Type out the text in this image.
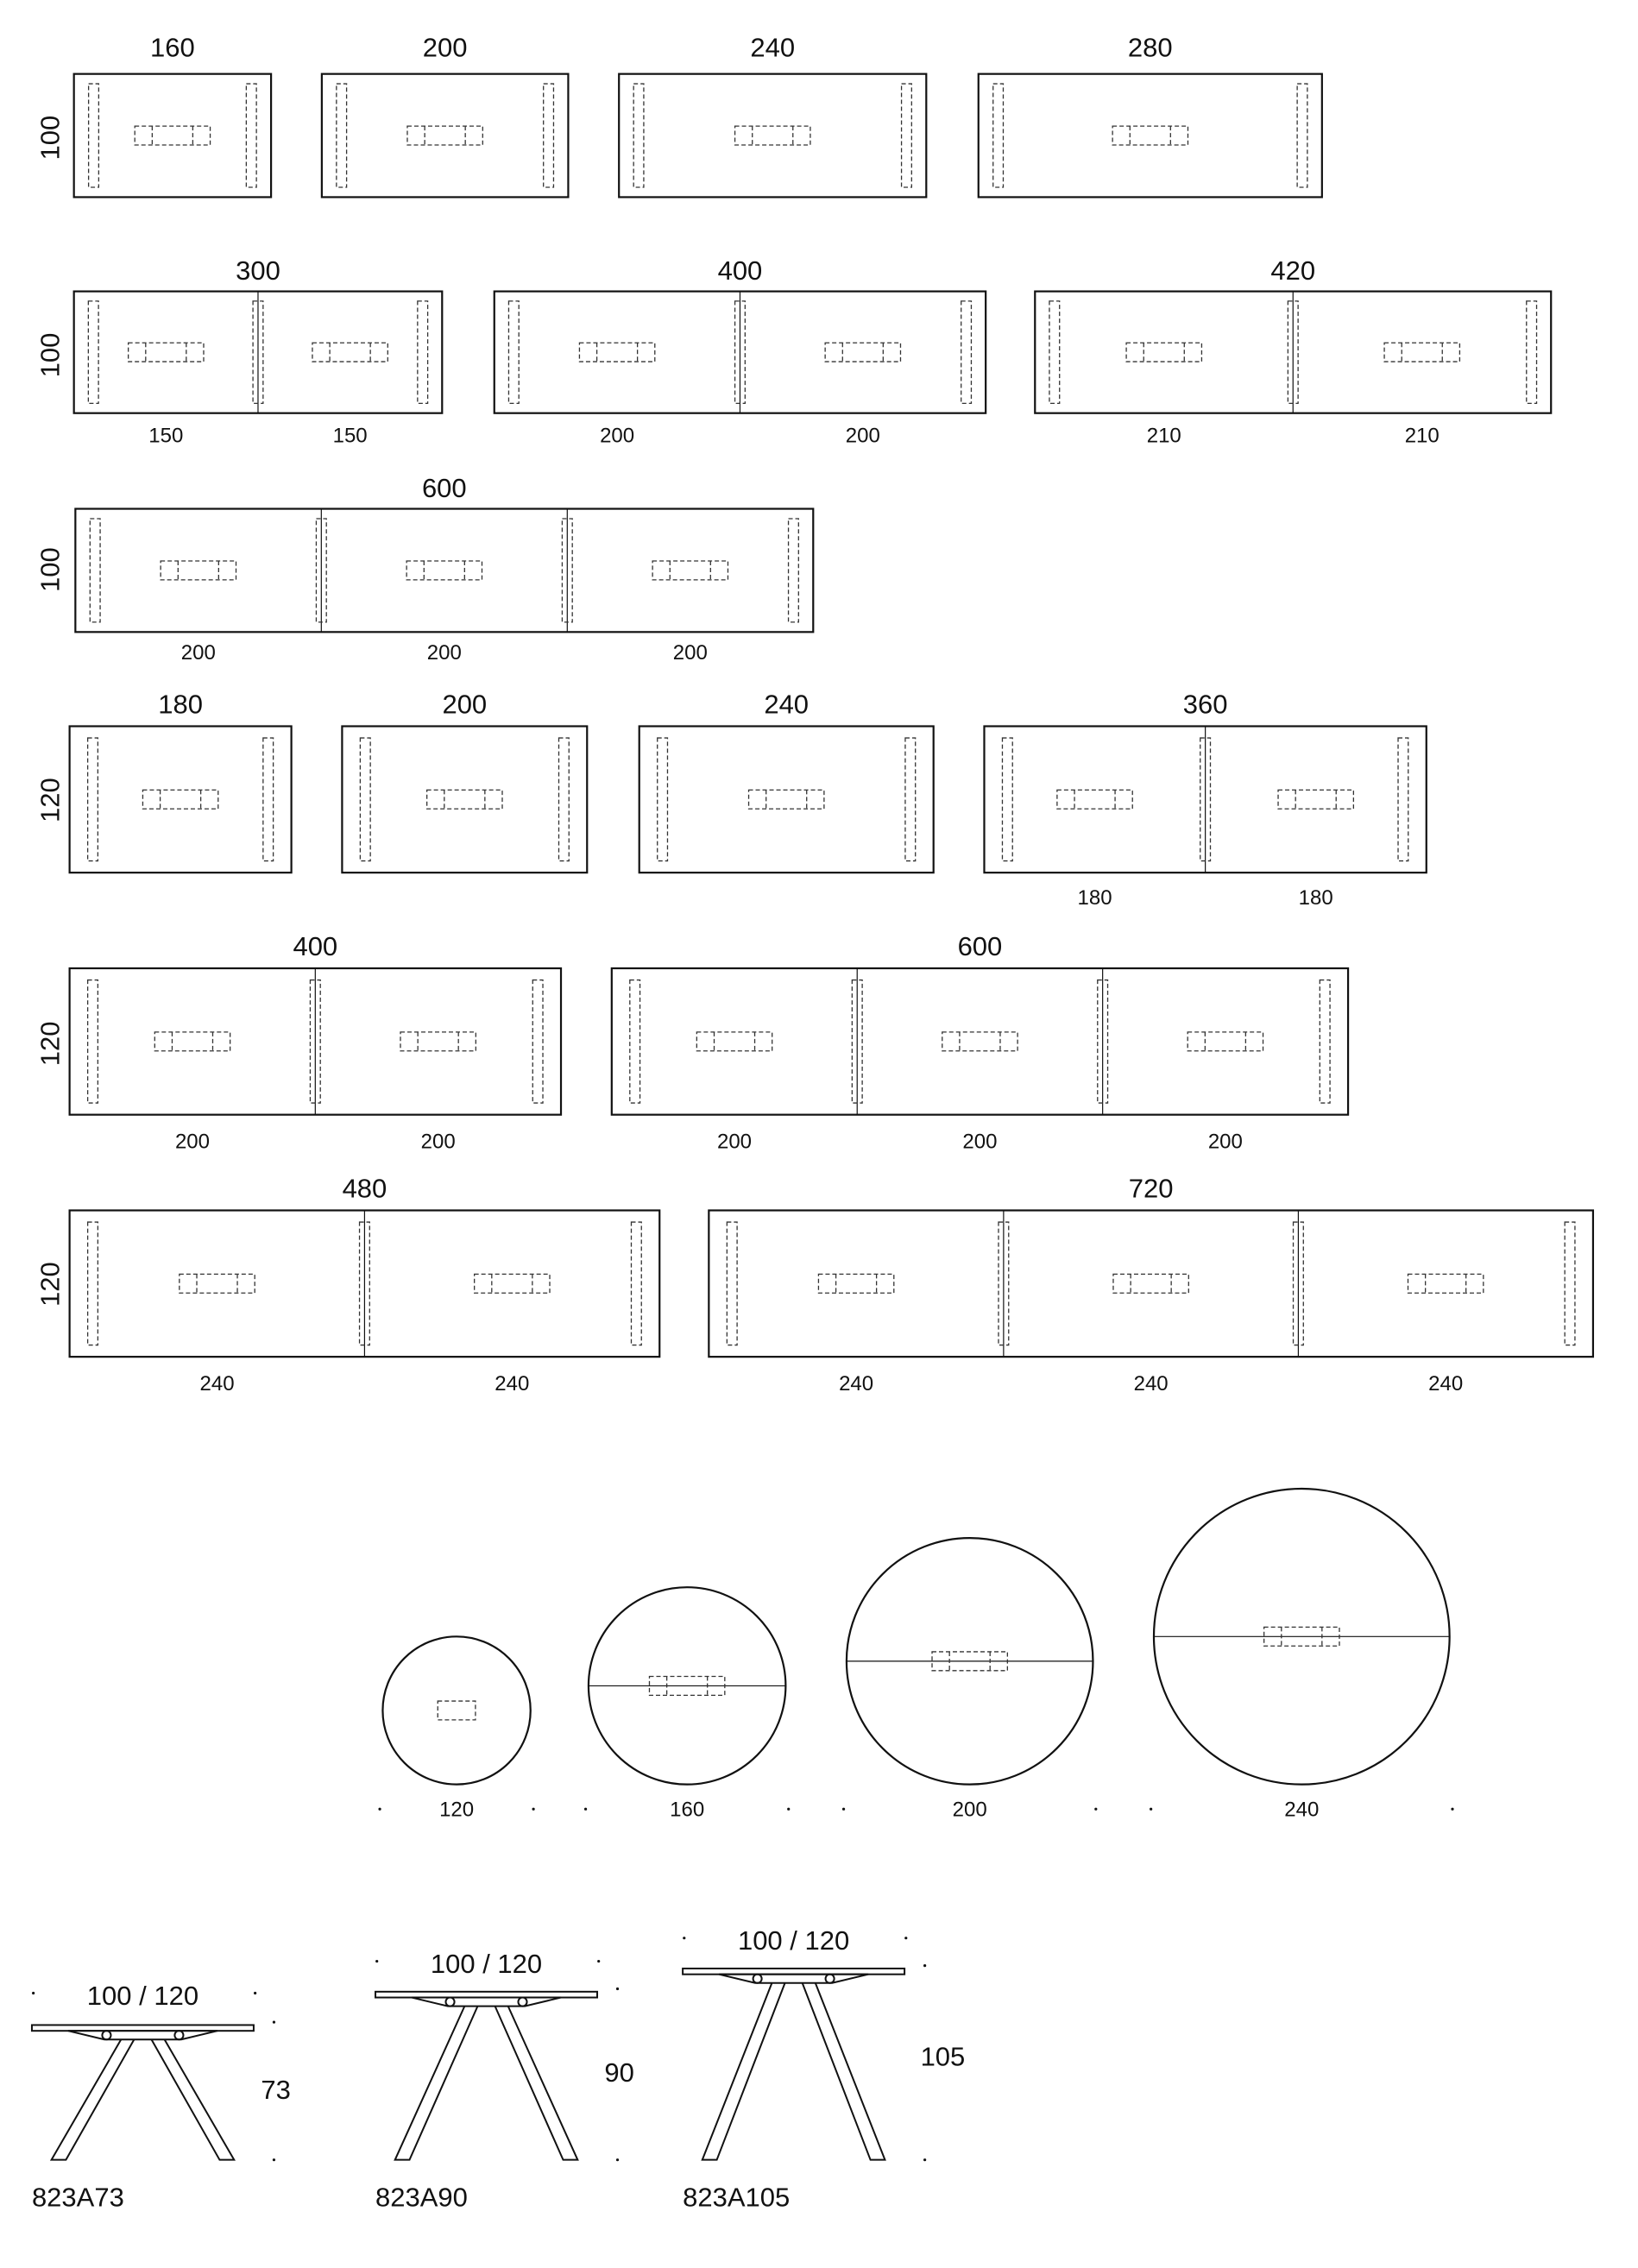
100
160	200	240	280
100
300
150	150
400
200	200
420
210	210
100
600
200	200	200
120
180	200	240	360
180	180
120
400
200	200
600
200	200	200
120
480
240	240
720
240	240	240
120	160	200	240
100 / 120
73
823A73
100 / 120
90
823A90
100 / 120
105
823A105
